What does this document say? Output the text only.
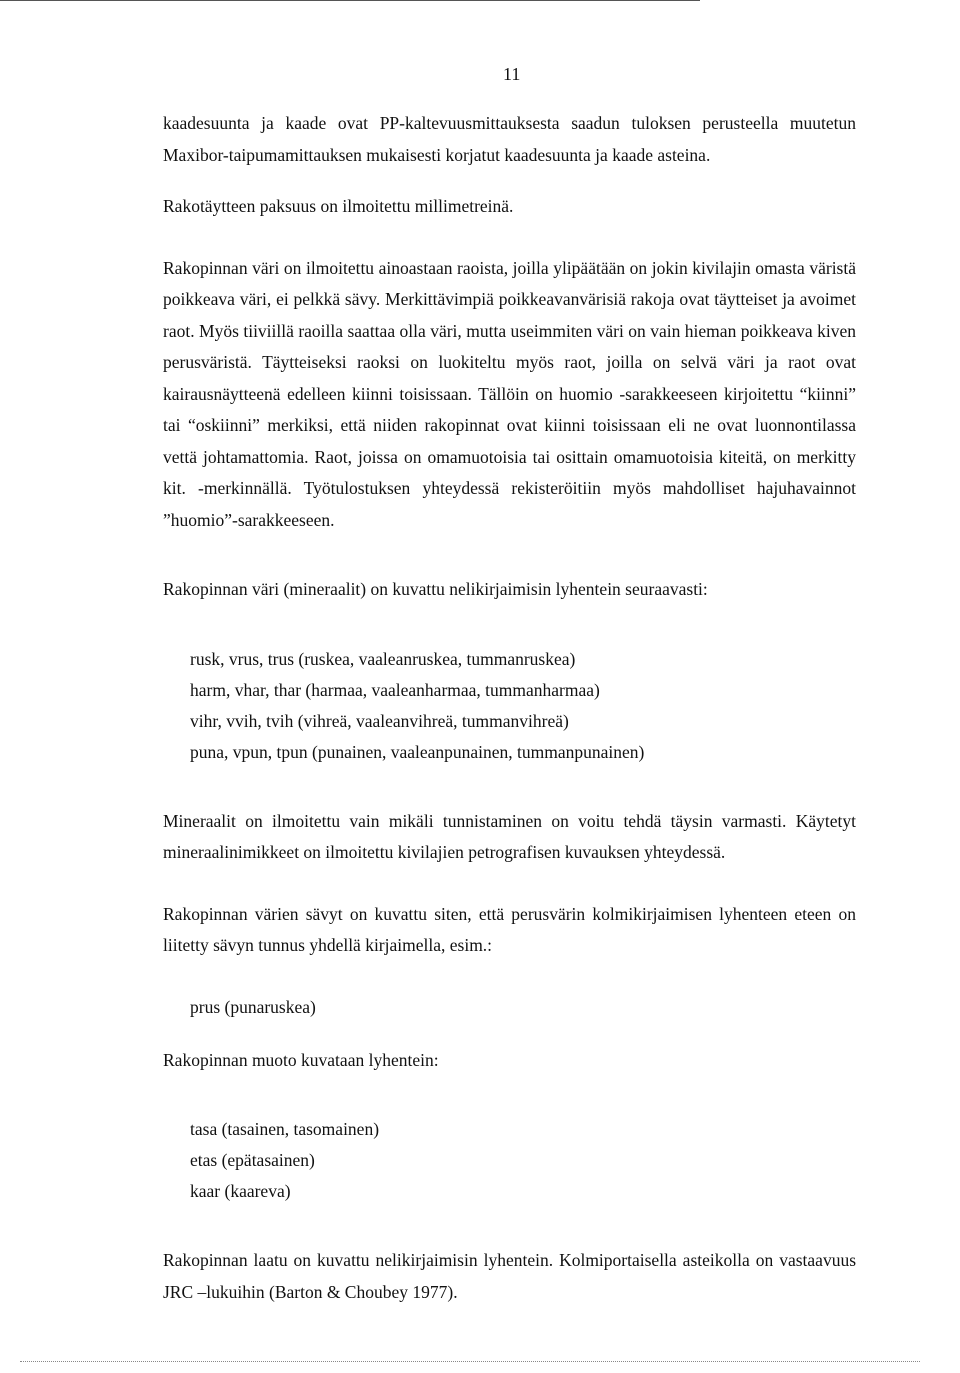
11

kaadesuunta ja kaade ovat PP-kaltevuusmittauksesta saadun tuloksen perusteella muutetun Maxibor-taipumamittauksen mukaisesti korjatut kaadesuunta ja kaade asteina.

Rakotäytteen paksuus on ilmoitettu millimetreinä.

Rakopinnan väri on ilmoitettu ainoastaan raoista, joilla ylipäätään on jokin kivilajin omasta väristä poikkeava väri, ei pelkkä sävy. Merkittävimpiä poikkeavanvärisiä rakoja ovat täytteiset ja avoimet raot. Myös tiiviillä raoilla saattaa olla väri, mutta useimmiten väri on vain hieman poikkeava kiven perusväristä. Täytteiseksi raoksi on luokiteltu myös raot, joilla on selvä väri ja raot ovat kairausnäytteenä edelleen kiinni toisissaan. Tällöin on huomio -sarakkeeseen kirjoitettu “kiinni” tai “oskiinni” merkiksi, että niiden rakopinnat ovat kiinni toisissaan eli ne ovat luonnontilassa vettä johtamattomia. Raot, joissa on omamuotoisia tai osittain omamuotoisia kiteitä, on merkitty kit. -merkinnällä. Työtulostuksen yhteydessä rekisteröitiin myös mahdolliset hajuhavainnot ”huomio”-sarakkeeseen.

Rakopinnan väri (mineraalit) on kuvattu nelikirjaimisin lyhentein seuraavasti:

rusk, vrus, trus (ruskea, vaaleanruskea, tummanruskea)
harm, vhar, thar (harmaa, vaaleanharmaa, tummanharmaa)
vihr, vvih, tvih (vihreä, vaaleanvihreä, tummanvihreä)
puna, vpun, tpun (punainen, vaaleanpunainen, tummanpunainen)

Mineraalit on ilmoitettu vain mikäli tunnistaminen on voitu tehdä täysin varmasti. Käytetyt mineraalinimikkeet on ilmoitettu kivilajien petrografisen kuvauksen yhteydessä.

Rakopinnan värien sävyt on kuvattu siten, että perusvärin kolmikirjaimisen lyhenteen eteen on liitetty sävyn tunnus yhdellä kirjaimella, esim.:

prus (punaruskea)

Rakopinnan muoto kuvataan lyhentein:

tasa (tasainen, tasomainen)
etas (epätasainen)
kaar (kaareva)

Rakopinnan laatu on kuvattu nelikirjaimisin lyhentein. Kolmiportaisella asteikolla on vastaavuus JRC –lukuihin (Barton & Choubey 1977).
